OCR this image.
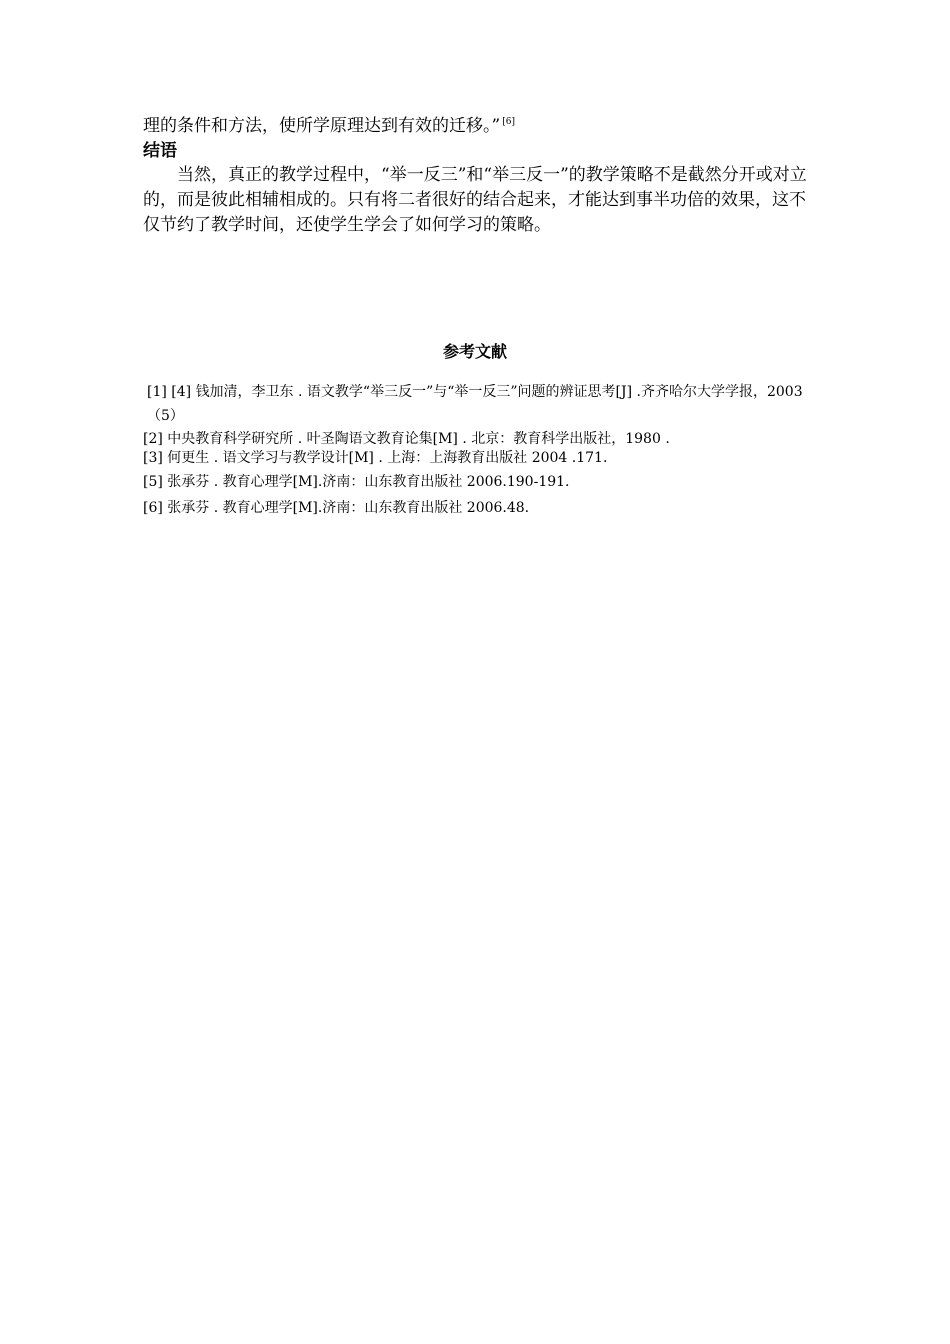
理的条件和方法，使所学原理达到有效的迁移。” [6]

结语

当然，真正的教学过程中，“举一反三”和“举三反一”的教学策略不是截然分开或对立的，而是彼此相辅相成的。只有将二者很好的结合起来，才能达到事半功倍的效果，这不仅节约了教学时间，还使学生学会了如何学习的策略。

参考文献

[1] [4] 钱加清，李卫东 . 语文教学“举三反一”与“举一反三”问题的辨证思考[J] .齐齐哈尔大学学报，2003（5）

[2] 中央教育科学研究所 . 叶圣陶语文教育论集[M] . 北京：教育科学出版社，1980 .

[3] 何更生 . 语文学习与教学设计[M] . 上海：上海教育出版社 2004 .171.

[5] 张承芬 . 教育心理学[M].济南：山东教育出版社 2006.190-191.

[6] 张承芬 . 教育心理学[M].济南：山东教育出版社 2006.48.
